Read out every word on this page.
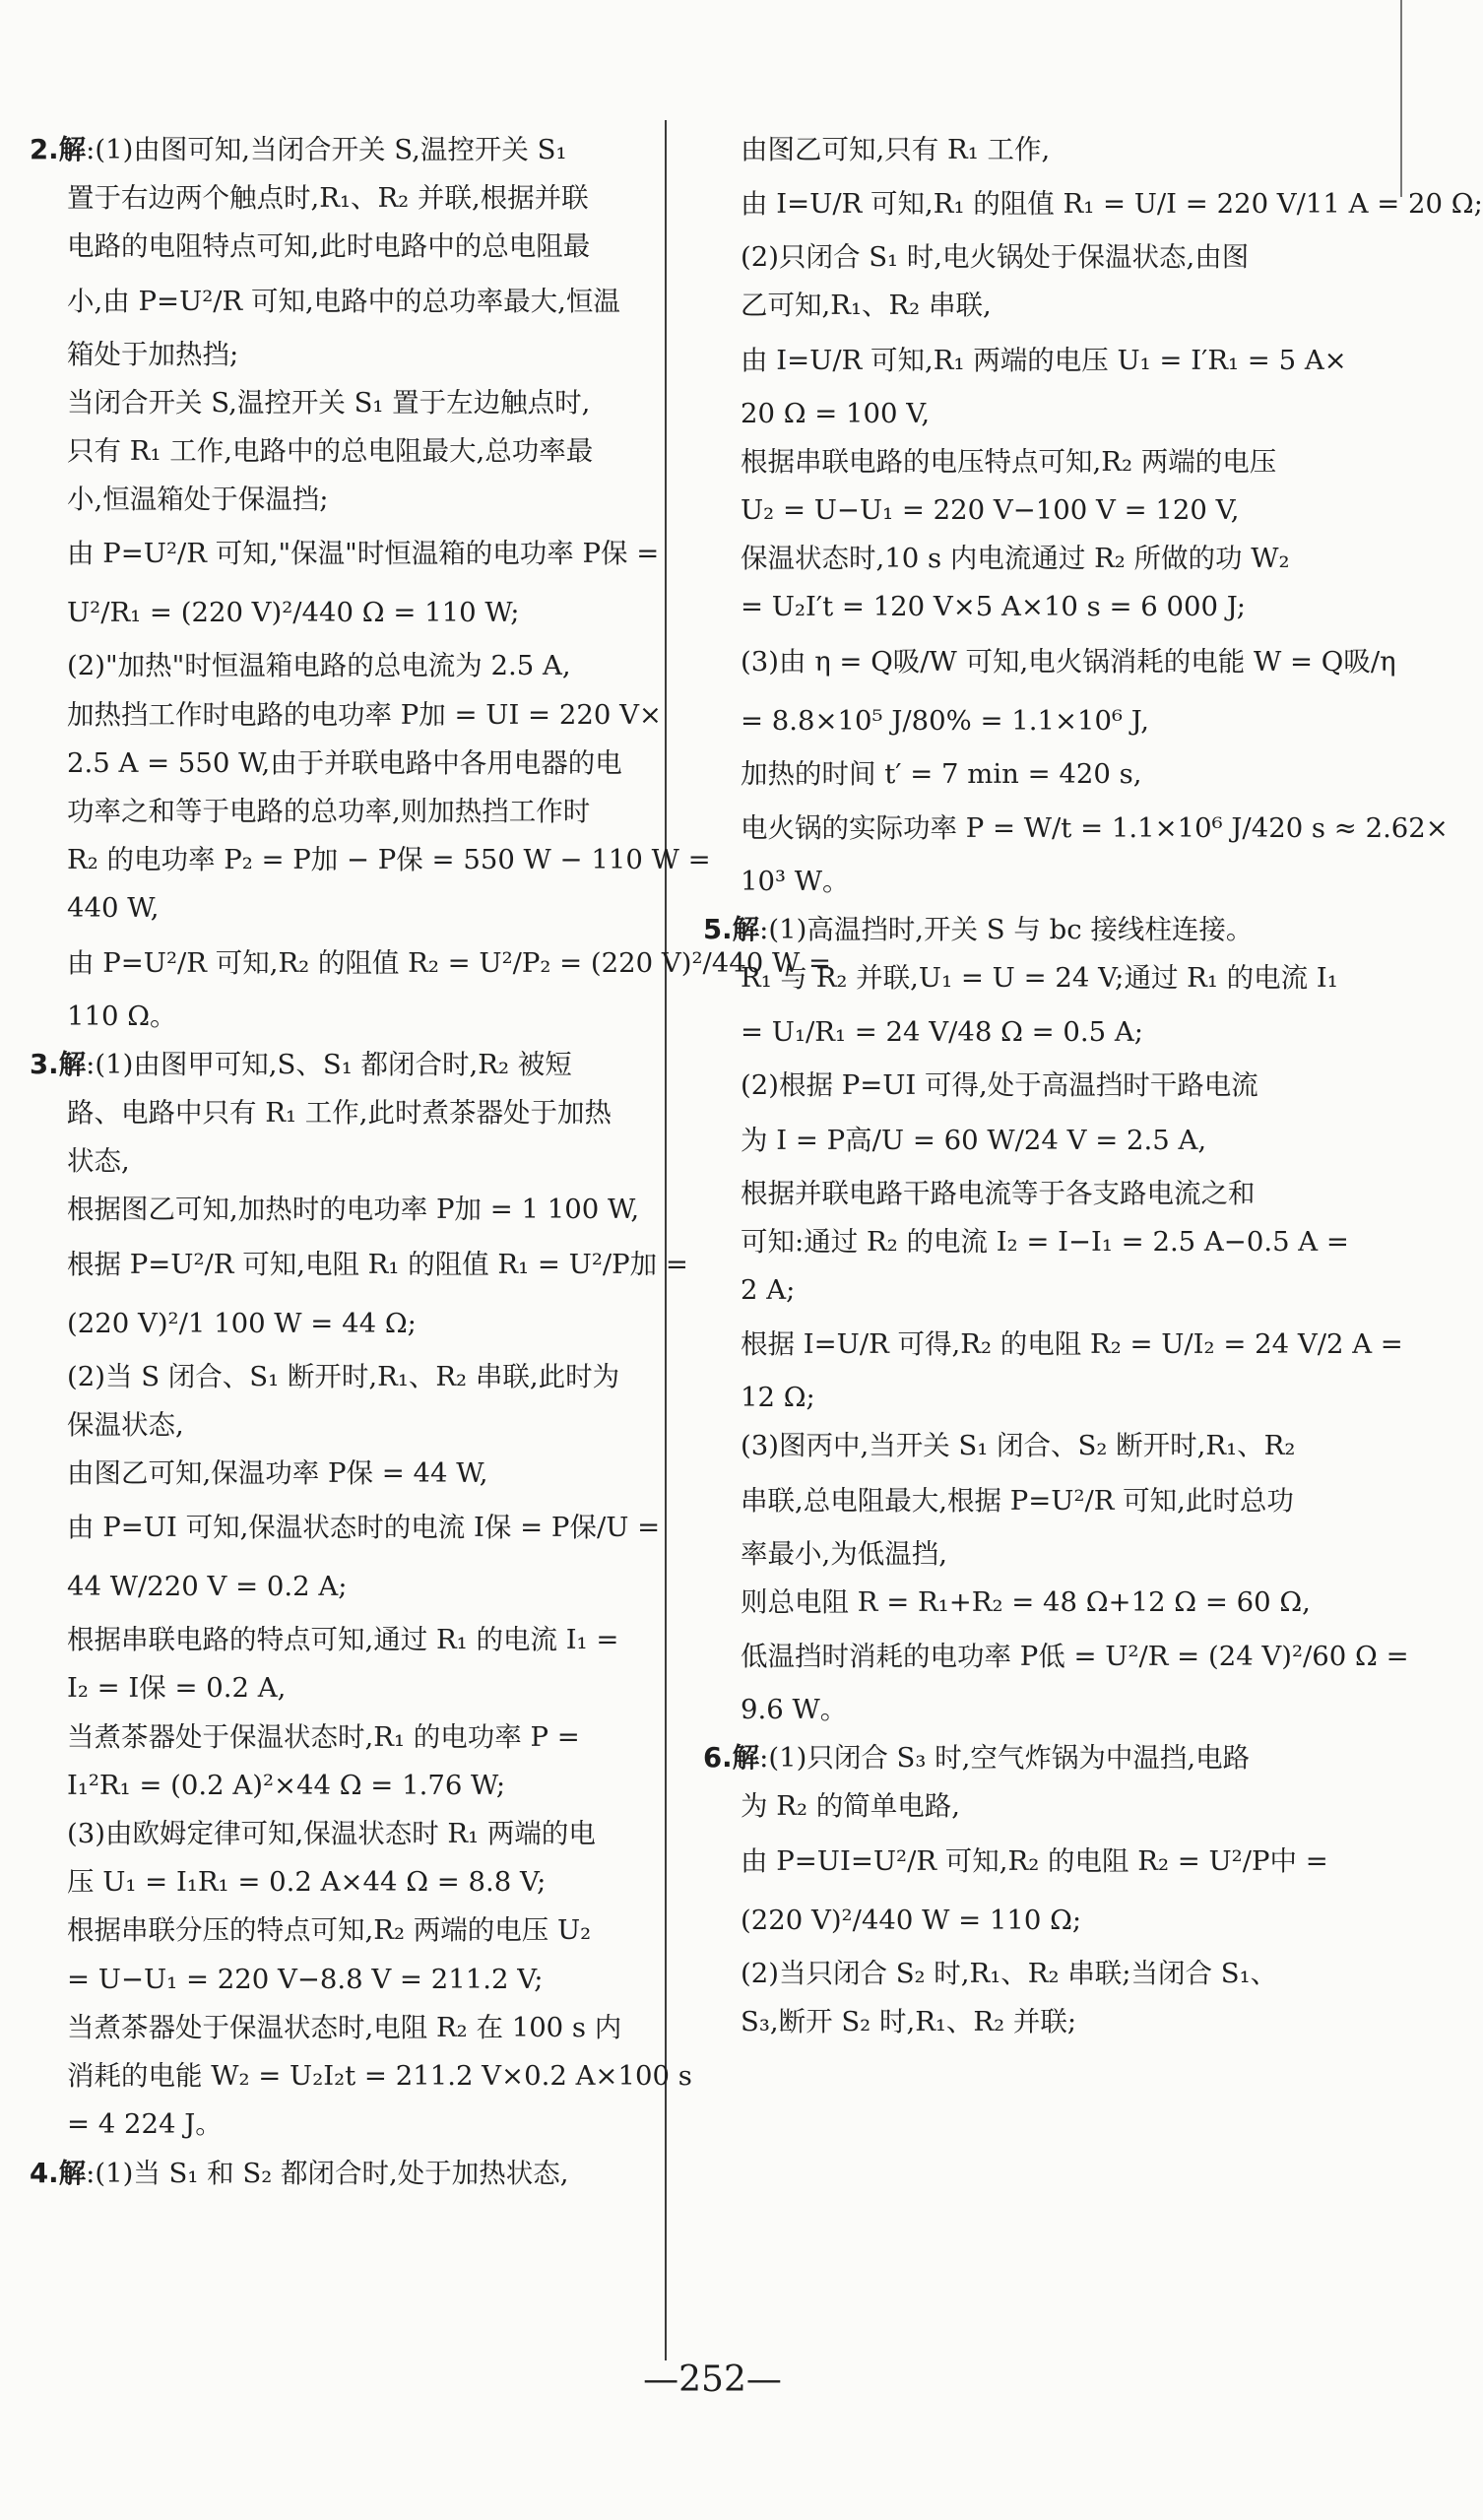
2.解:(1)由图可知,当闭合开关 S,温控开关 S₁
置于右边两个触点时,R₁、R₂ 并联,根据并联
电路的电阻特点可知,此时电路中的总电阻最
小,由 P=U²/R 可知,电路中的总功率最大,恒温
箱处于加热挡;
当闭合开关 S,温控开关 S₁ 置于左边触点时,
只有 R₁ 工作,电路中的总电阻最大,总功率最
小,恒温箱处于保温挡;
由 P=U²/R 可知,"保温"时恒温箱的电功率 P保 =
U²/R₁ = (220 V)²/440 Ω = 110 W;
(2)"加热"时恒温箱电路的总电流为 2.5 A,
加热挡工作时电路的电功率 P加 = UI = 220 V×
2.5 A = 550 W,由于并联电路中各用电器的电
功率之和等于电路的总功率,则加热挡工作时
R₂ 的电功率 P₂ = P加 − P保 = 550 W − 110 W =
440 W,
由 P=U²/R 可知,R₂ 的阻值 R₂ = U²/P₂ = (220 V)²/440 W =
110 Ω。
3.解:(1)由图甲可知,S、S₁ 都闭合时,R₂ 被短
路、电路中只有 R₁ 工作,此时煮茶器处于加热
状态,
根据图乙可知,加热时的电功率 P加 = 1 100 W,
根据 P=U²/R 可知,电阻 R₁ 的阻值 R₁ = U²/P加 =
(220 V)²/1 100 W = 44 Ω;
(2)当 S 闭合、S₁ 断开时,R₁、R₂ 串联,此时为
保温状态,
由图乙可知,保温功率 P保 = 44 W,
由 P=UI 可知,保温状态时的电流 I保 = P保/U =
44 W/220 V = 0.2 A;
根据串联电路的特点可知,通过 R₁ 的电流 I₁ =
I₂ = I保 = 0.2 A,
当煮茶器处于保温状态时,R₁ 的电功率 P =
I₁²R₁ = (0.2 A)²×44 Ω = 1.76 W;
(3)由欧姆定律可知,保温状态时 R₁ 两端的电
压 U₁ = I₁R₁ = 0.2 A×44 Ω = 8.8 V;
根据串联分压的特点可知,R₂ 两端的电压 U₂
= U−U₁ = 220 V−8.8 V = 211.2 V;
当煮茶器处于保温状态时,电阻 R₂ 在 100 s 内
消耗的电能 W₂ = U₂I₂t = 211.2 V×0.2 A×100 s
= 4 224 J。
4.解:(1)当 S₁ 和 S₂ 都闭合时,处于加热状态,
由图乙可知,只有 R₁ 工作,
由 I=U/R 可知,R₁ 的阻值 R₁ = U/I = 220 V/11 A = 20 Ω;
(2)只闭合 S₁ 时,电火锅处于保温状态,由图
乙可知,R₁、R₂ 串联,
由 I=U/R 可知,R₁ 两端的电压 U₁ = I′R₁ = 5 A×
20 Ω = 100 V,
根据串联电路的电压特点可知,R₂ 两端的电压
U₂ = U−U₁ = 220 V−100 V = 120 V,
保温状态时,10 s 内电流通过 R₂ 所做的功 W₂
= U₂I′t = 120 V×5 A×10 s = 6 000 J;
(3)由 η = Q吸/W 可知,电火锅消耗的电能 W = Q吸/η
= 8.8×10⁵ J/80% = 1.1×10⁶ J,
加热的时间 t′ = 7 min = 420 s,
电火锅的实际功率 P = W/t = 1.1×10⁶ J/420 s ≈ 2.62×
10³ W。
5.解:(1)高温挡时,开关 S 与 bc 接线柱连接。
R₁ 与 R₂ 并联,U₁ = U = 24 V;通过 R₁ 的电流 I₁
= U₁/R₁ = 24 V/48 Ω = 0.5 A;
(2)根据 P=UI 可得,处于高温挡时干路电流
为 I = P高/U = 60 W/24 V = 2.5 A,
根据并联电路干路电流等于各支路电流之和
可知:通过 R₂ 的电流 I₂ = I−I₁ = 2.5 A−0.5 A =
2 A;
根据 I=U/R 可得,R₂ 的电阻 R₂ = U/I₂ = 24 V/2 A =
12 Ω;
(3)图丙中,当开关 S₁ 闭合、S₂ 断开时,R₁、R₂
串联,总电阻最大,根据 P=U²/R 可知,此时总功
率最小,为低温挡,
则总电阻 R = R₁+R₂ = 48 Ω+12 Ω = 60 Ω,
低温挡时消耗的电功率 P低 = U²/R = (24 V)²/60 Ω =
9.6 W。
6.解:(1)只闭合 S₃ 时,空气炸锅为中温挡,电路
为 R₂ 的简单电路,
由 P=UI=U²/R 可知,R₂ 的电阻 R₂ = U²/P中 =
(220 V)²/440 W = 110 Ω;
(2)当只闭合 S₂ 时,R₁、R₂ 串联;当闭合 S₁、
S₃,断开 S₂ 时,R₁、R₂ 并联;
—252—
